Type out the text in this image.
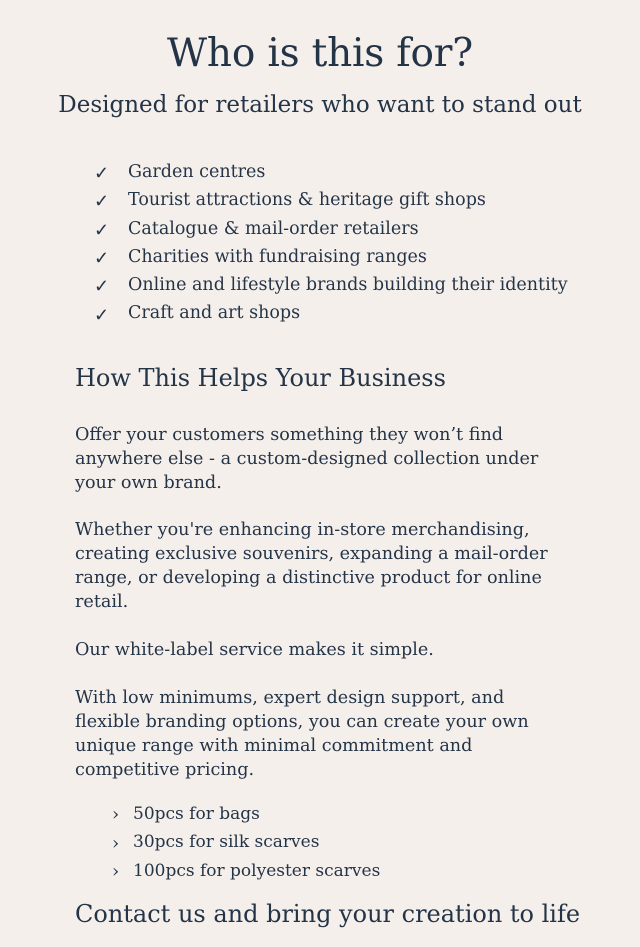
Who is this for?
Designed for retailers who want to stand out
✓	Garden centres
✓	Tourist attractions & heritage gift shops
✓	Catalogue & mail-order retailers
✓	Charities with fundraising ranges
✓	Online and lifestyle brands building their identity
✓	Craft and art shops
How This Helps Your Business

Offer your customers something they won’t find
anywhere else - a custom-designed collection under
your own brand.

Whether you're enhancing in-store merchandising,
creating exclusive souvenirs, expanding a mail-order
range, or developing a distinctive product for online
retail.

Our white-label service makes it simple.

With low minimums, expert design support, and
flexible branding options, you can create your own
unique range with minimal commitment and
competitive pricing.

› 50pcs for bags
› 30pcs for silk scarves
› 100pcs for polyester scarves
Contact us and bring your creation to life
